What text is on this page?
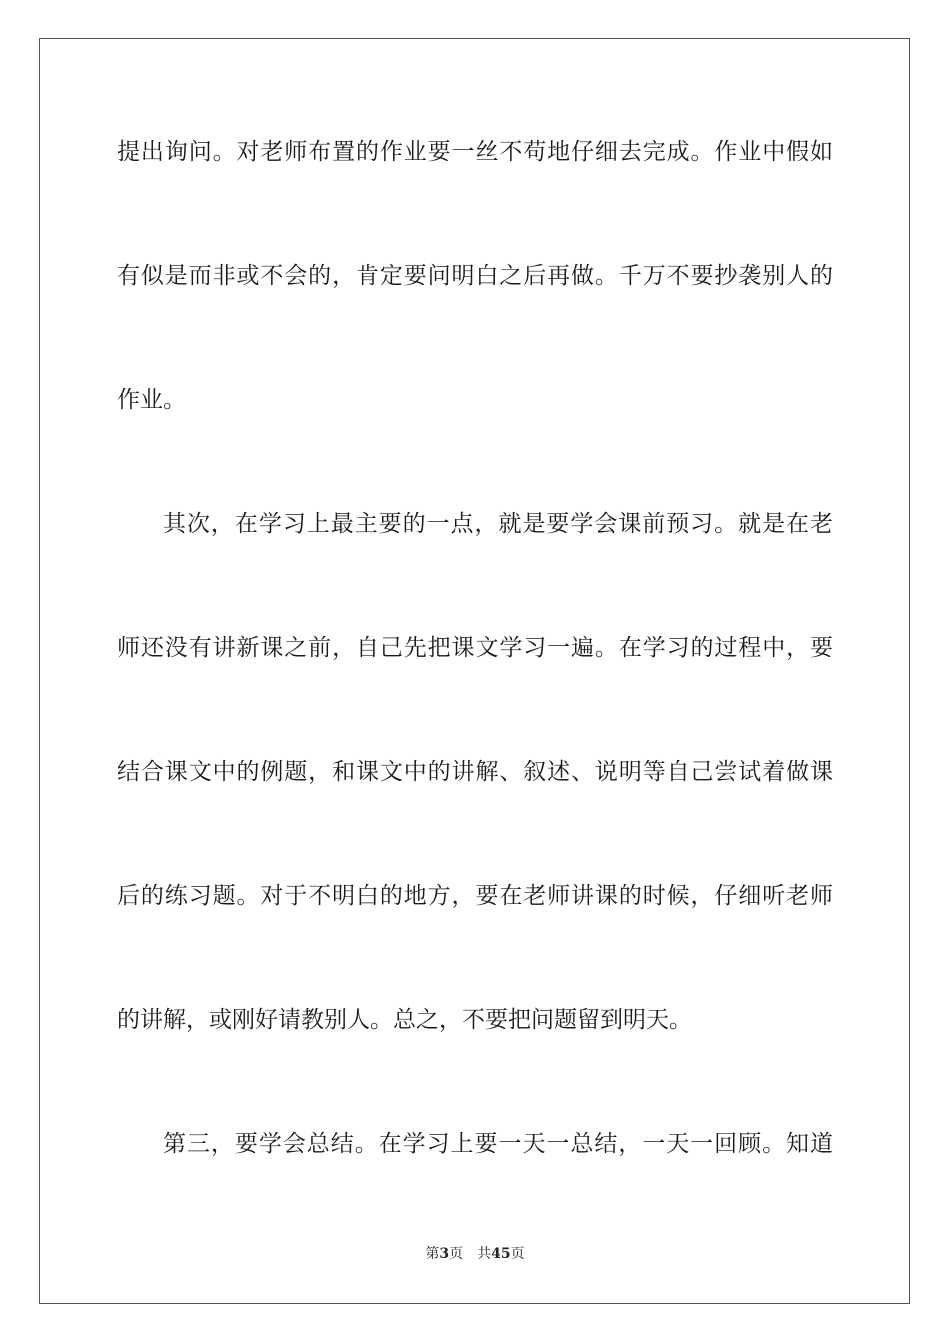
提出询问。对老师布置的作业要一丝不苟地仔细去完成。作业中假如
有似是而非或不会的，肯定要问明白之后再做。千万不要抄袭别人的
作业。
其次，在学习上最主要的一点，就是要学会课前预习。就是在老
师还没有讲新课之前，自己先把课文学习一遍。在学习的过程中，要
结合课文中的例题，和课文中的讲解、叙述、说明等自己尝试着做课
后的练习题。对于不明白的地方，要在老师讲课的时候，仔细听老师
的讲解，或刚好请教别人。总之，不要把问题留到明天。
第三，要学会总结。在学习上要一天一总结，一天一回顾。知道
第3页 共45页
